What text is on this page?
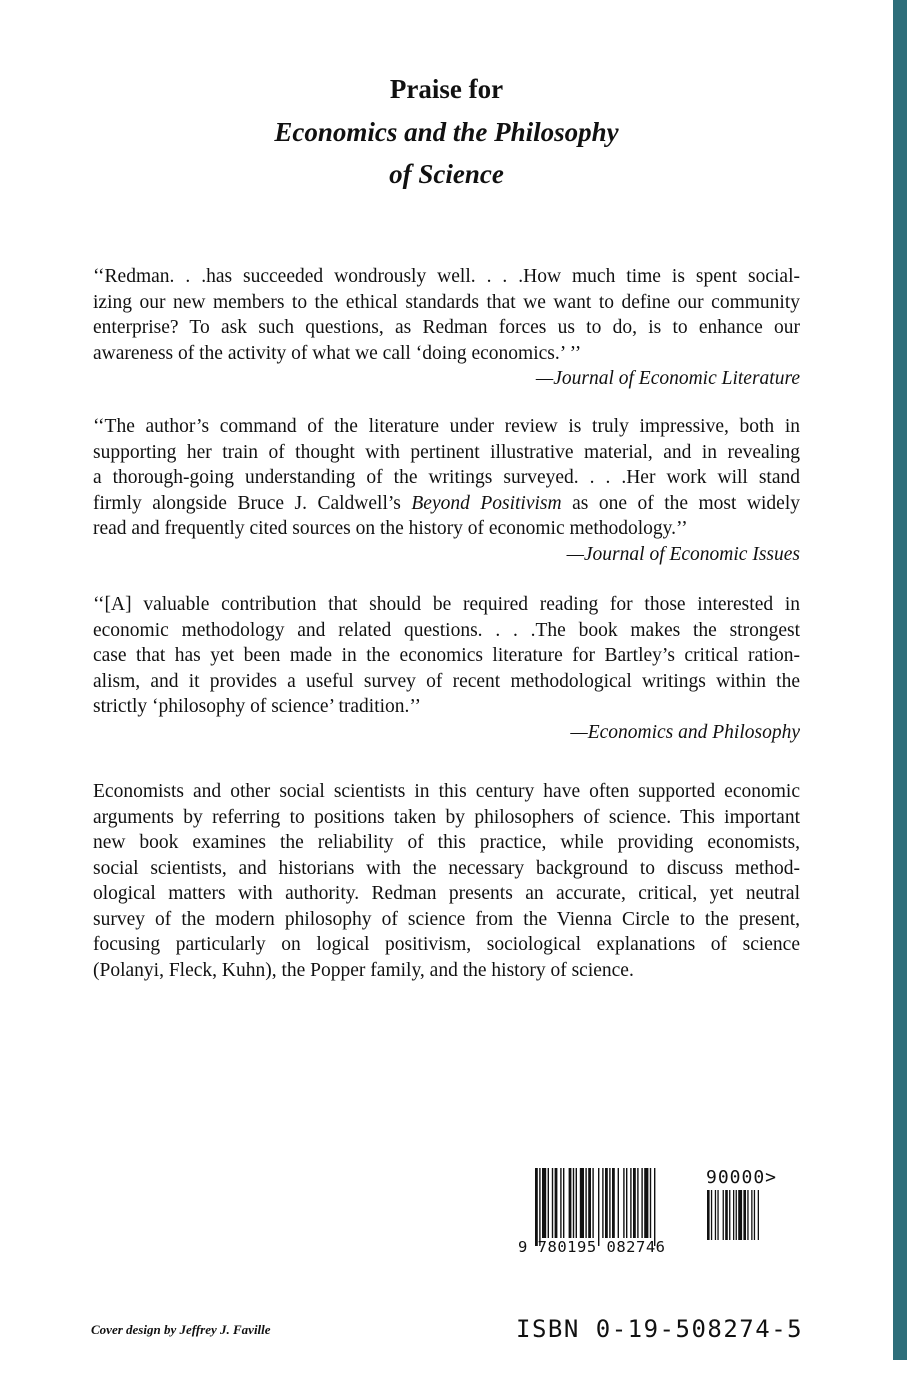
Praise for
Economics and the Philosophy
of Science
‘‘Redman. . .has succeeded wondrously well. . . .How much time is spent social-
izing our new members to the ethical standards that we want to define our community
enterprise? To ask such questions, as Redman forces us to do, is to enhance our
awareness of the activity of what we call ‘doing economics.’ ’’
—Journal of Economic Literature
‘‘The author’s command of the literature under review is truly impressive, both in
supporting her train of thought with pertinent illustrative material, and in revealing
a thorough-going understanding of the writings surveyed. . . .Her work will stand
firmly alongside Bruce J. Caldwell’s Beyond Positivism as one of the most widely
read and frequently cited sources on the history of economic methodology.’’
—Journal of Economic Issues
‘‘[A] valuable contribution that should be required reading for those interested in
economic methodology and related questions. . . .The book makes the strongest
case that has yet been made in the economics literature for Bartley’s critical ration-
alism, and it provides a useful survey of recent methodological writings within the
strictly ‘philosophy of science’ tradition.’’
—Economics and Philosophy
Economists and other social scientists in this century have often supported economic
arguments by referring to positions taken by philosophers of science. This important
new book examines the reliability of this practice, while providing economists,
social scientists, and historians with the necessary background to discuss method-
ological matters with authority. Redman presents an accurate, critical, yet neutral
survey of the modern philosophy of science from the Vienna Circle to the present,
focusing particularly on logical positivism, sociological explanations of science
(Polanyi, Fleck, Kuhn), the Popper family, and the history of science.
90000>
9 780195 082746
ISBN 0-19-508274-5
Cover design by Jeffrey J. Faville
